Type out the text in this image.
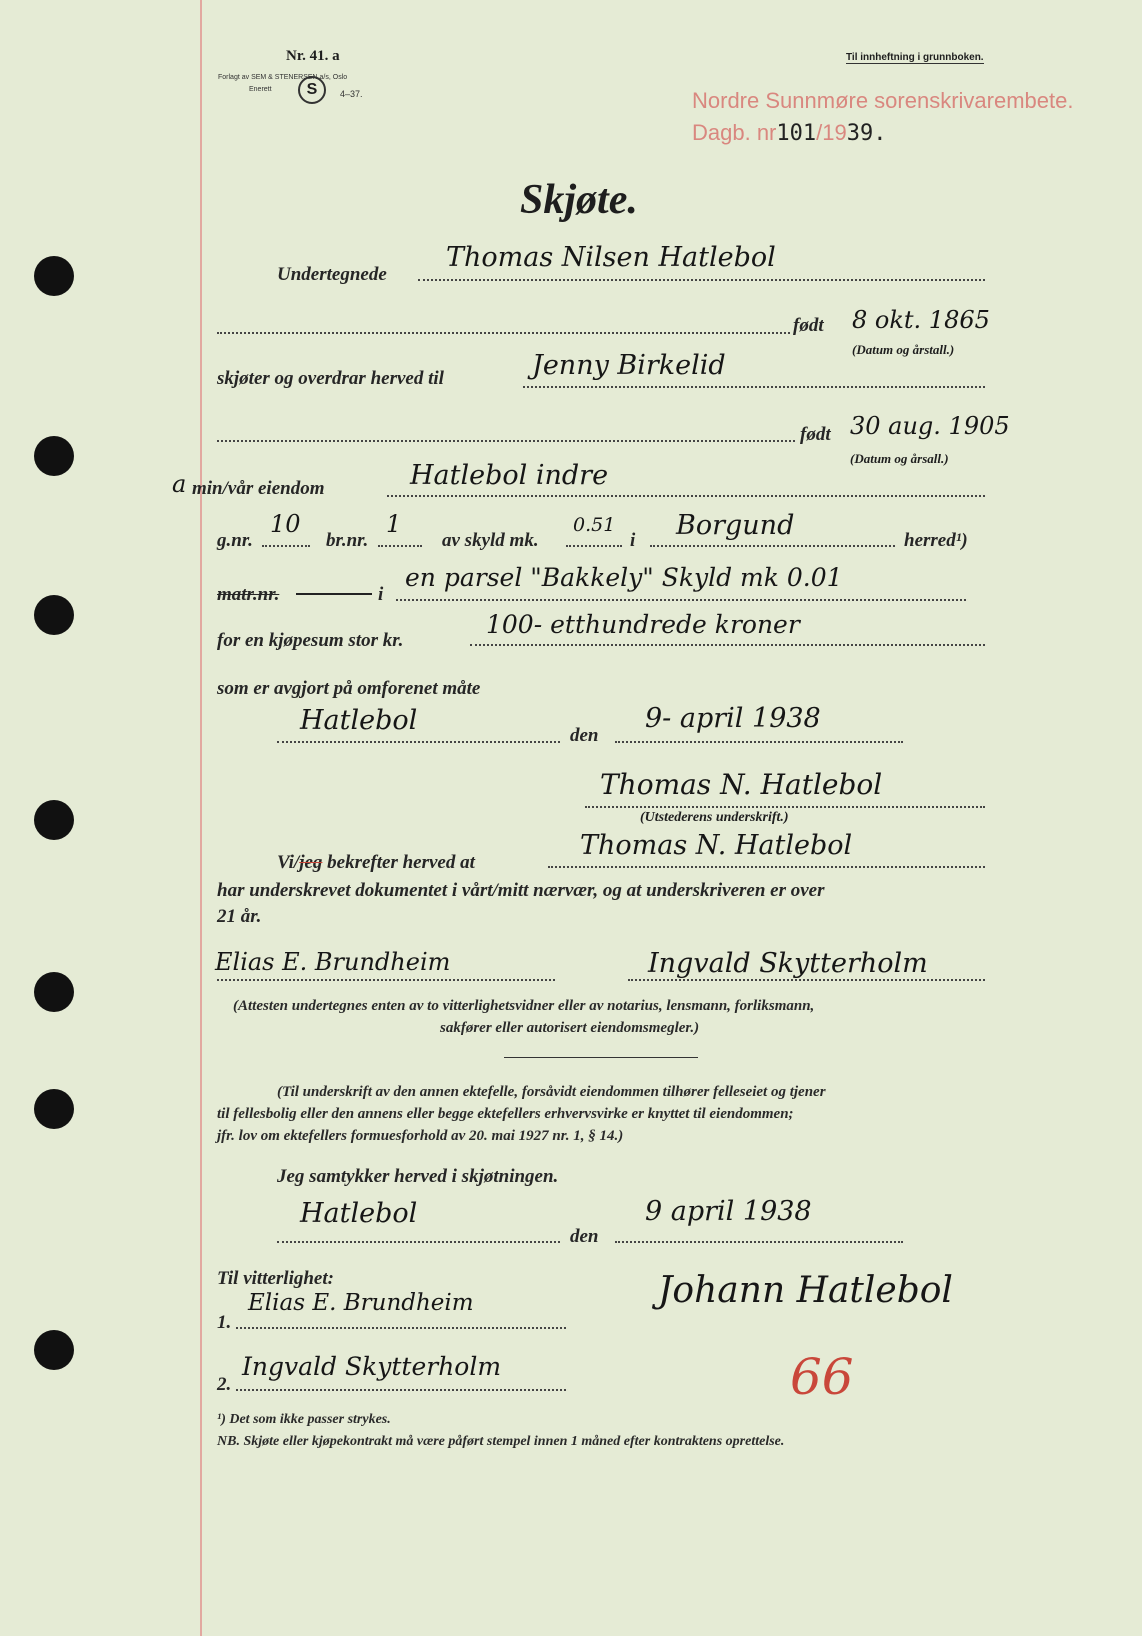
Nr. 41. a
Forlagt av SEM & STENERSEN a/s, Oslo
Enerett	S	4–37.
Til innheftning i grunnboken.
Nordre Sunnmøre sorenskrivarembete.
Dagb. nr101/1939.
Skjøte.
Undertegnede
Thomas Nilsen Hatlebol
født 8 okt. 1865
(Datum og årstall.)
skjøter og overdrar herved til	Jenny Birkelid
født 30 aug. 1905
(Datum og årsall.)
a min/vår eiendom	Hatlebol indre
g.nr.
10
br.nr.
1
av skyld mk.
0.51
i Borgund	herred¹)
matr.nr.	i
en parsel "Bakkely" Skyld mk 0.01
for en kjøpesum stor kr.
100- etthundrede kroner
som er avgjort på omforenet måte
Hatlebol	den
9- april 1938
Thomas N. Hatlebol
(Utstederens underskrift.)
Vi/jeg bekrefter herved at
Thomas N. Hatlebol
har underskrevet dokumentet i vårt/mitt nærvær, og at underskriveren er over
21 år.
Elias E. Brundheim	Ingvald Skytterholm
(Attesten undertegnes enten av to vitterlighetsvidner eller av notarius, lensmann, forliksmann,
sakfører eller autorisert eiendomsmegler.)
(Til underskrift av den annen ektefelle, forsåvidt eiendommen tilhører felleseiet og tjener
til fellesbolig eller den annens eller begge ektefellers erhvervsvirke er knyttet til eiendommen;
jfr. lov om ektefellers formuesforhold av 20. mai 1927 nr. 1, § 14.)
Jeg samtykker herved i skjøtningen.
Hatlebol
den
9 april 1938
Til vitterlighet:
1.
Elias E. Brundheim	Johann Hatlebol
2.
Ingvald Skytterholm	66
¹) Det som ikke passer strykes.
NB. Skjøte eller kjøpekontrakt må være påført stempel innen 1 måned efter kontraktens oprettelse.
